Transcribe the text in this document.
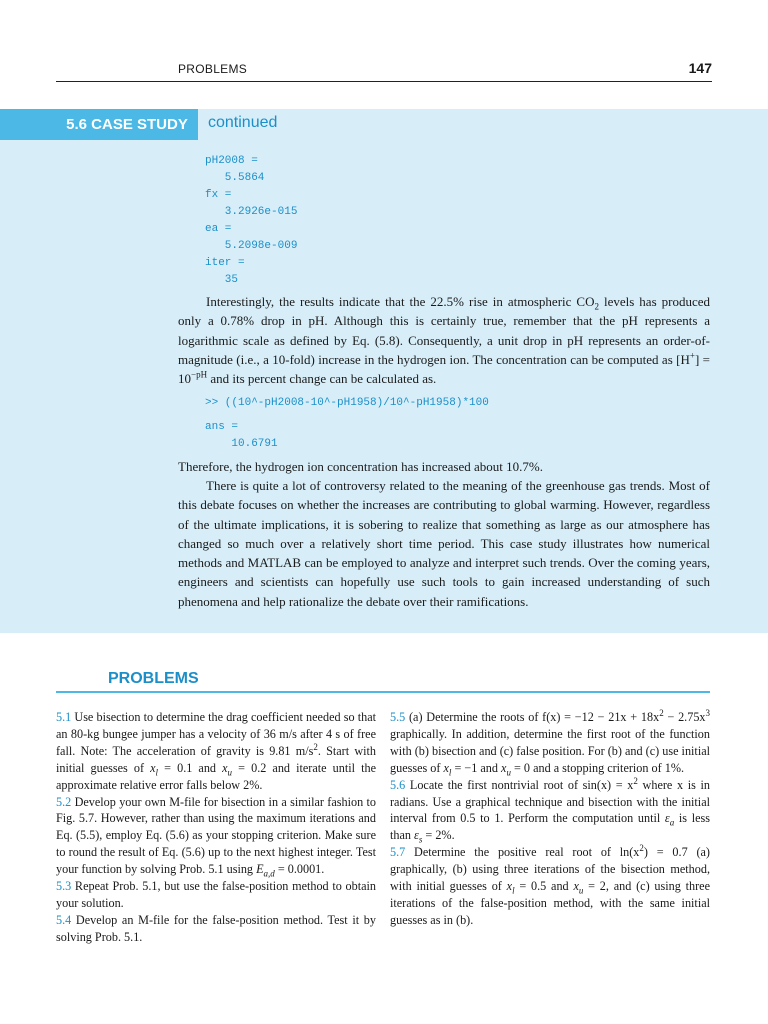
PROBLEMS	147
5.6 CASE STUDY	continued
pH2008 =
5.5864
fx =
3.2926e-015
ea =
5.2098e-009
iter =
35

Interestingly, the results indicate that the 22.5% rise in atmospheric $CO_2$ levels has produced only a 0.78% drop in pH. Although this is certainly true, remember that the pH represents a logarithmic scale as defined by Eq. (5.8). Consequently, a unit drop in pH represents an order-of-magnitude (i.e., a 10-fold) increase in the hydrogen ion. The concentration can be computed as $[H^+] = 10^{-pH}$ and its percent change can be calculated as.

>> ((10^-pH2008-10^-pH1958)/10^-pH1958)*100
ans =
10.6791

Therefore, the hydrogen ion concentration has increased about 10.7%.

There is quite a lot of controversy related to the meaning of the greenhouse gas trends. Most of this debate focuses on whether the increases are contributing to global warming. However, regardless of the ultimate implications, it is sobering to realize that something as large as our atmosphere has changed so much over a relatively short time period. This case study illustrates how numerical methods and MATLAB can be employed to analyze and interpret such trends. Over the coming years, engineers and scientists can hopefully use such tools to gain increased understanding of such phenomena and help rationalize the debate over their ramifications.

PROBLEMS

5.1 Use bisection to determine the drag coefficient needed so that an 80-kg bungee jumper has a velocity of 36 m/s after 4 s of free fall. Note: The acceleration of gravity is 9.81 $m/s^2$. Start with initial guesses of $x_l = 0.1$ and $x_u = 0.2$ and iterate until the approximate relative error falls below 2%.

5.2 Develop your own M-file for bisection in a similar fashion to Fig. 5.7. However, rather than using the maximum iterations and Eq. (5.5), employ Eq. (5.6) as your stopping criterion. Make sure to round the result of Eq. (5.6) up to the next highest integer. Test your function by solving Prob. 5.1 using $E_{a,d} = 0.0001$.

5.3 Repeat Prob. 5.1, but use the false-position method to obtain your solution.

5.4 Develop an M-file for the false-position method. Test it by solving Prob. 5.1.

5.5 (a) Determine the roots of $f(x) = -12 - 21x + 18x^2 - 2.75x^3$ graphically. In addition, determine the first root of the function with (b) bisection and (c) false position. For (b) and (c) use initial guesses of $x_l = -1$ and $x_u = 0$ and a stopping criterion of 1%.

5.6 Locate the first nontrivial root of $\sin(x) = x^2$ where x is in radians. Use a graphical technique and bisection with the initial interval from 0.5 to 1. Perform the computation until $\varepsilon_a$ is less than $\varepsilon_s = 2\%$.

5.7 Determine the positive real root of $\ln(x^2) = 0.7$ (a) graphically, (b) using three iterations of the bisection method, with initial guesses of $x_l = 0.5$ and $x_u = 2$, and (c) using three iterations of the false-position method, with the same initial guesses as in (b).
